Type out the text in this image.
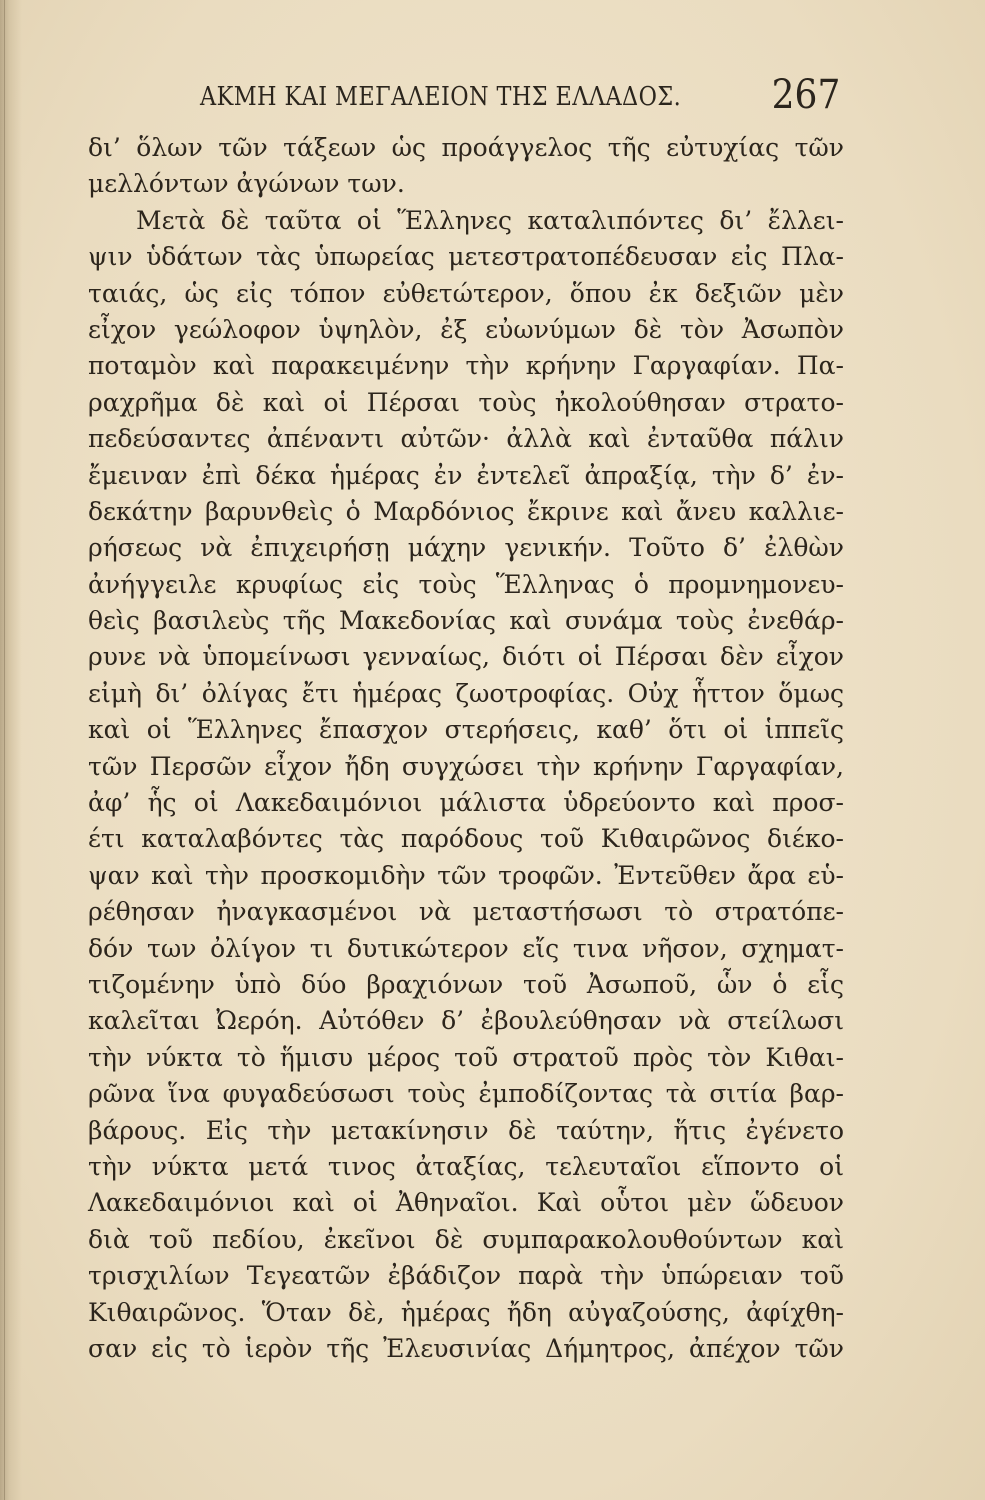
ΑΚΜΗ ΚΑΙ ΜΕΓΑΛΕΙΟΝ ΤΗΣ ΕΛΛΑΔΟΣ. 267
δι’ ὅλων τῶν τάξεων ὡς προάγγελος τῆς εὐτυχίας τῶν
μελλόντων ἀγώνων των.
Μετὰ δὲ ταῦτα οἱ Ἕλληνες καταλιπόντες δι’ ἔλλει-
ψιν ὑδάτων τὰς ὑπωρείας μετεστρατοπέδευσαν εἰς Πλα-
ταιάς, ὡς εἰς τόπον εὐθετώτερον, ὅπου ἐκ δεξιῶν μὲν
εἶχον γεώλοφον ὑψηλὸν, ἐξ εὐωνύμων δὲ τὸν Ἀσωπὸν
ποταμὸν καὶ παρακειμένην τὴν κρήνην Γαργαφίαν. Πα-
ραχρῆμα δὲ καὶ οἱ Πέρσαι τοὺς ἠκολούθησαν στρατο-
πεδεύσαντες ἀπέναντι αὐτῶν· ἀλλὰ καὶ ἐνταῦθα πάλιν
ἔμειναν ἐπὶ δέκα ἡμέρας ἐν ἐντελεῖ ἀπραξίᾳ, τὴν δ’ ἐν-
δεκάτην βαρυνθεὶς ὁ Μαρδόνιος ἔκρινε καὶ ἄνευ καλλιε-
ρήσεως νὰ ἐπιχειρήσῃ μάχην γενικήν. Τοῦτο δ’ ἐλθὼν
ἀνήγγειλε κρυφίως εἰς τοὺς Ἕλληνας ὁ προμνημονευ-
θεὶς βασιλεὺς τῆς Μακεδονίας καὶ συνάμα τοὺς ἐνεθάρ-
ρυνε νὰ ὑπομείνωσι γενναίως, διότι οἱ Πέρσαι δὲν εἶχον
εἰμὴ δι’ ὀλίγας ἔτι ἡμέρας ζωοτροφίας. Οὐχ ἧττον ὅμως
καὶ οἱ Ἕλληνες ἔπασχον στερήσεις, καθ’ ὅτι οἱ ἱππεῖς
τῶν Περσῶν εἶχον ἤδη συγχώσει τὴν κρήνην Γαργαφίαν,
ἀφ’ ἧς οἱ Λακεδαιμόνιοι μάλιστα ὑδρεύοντο καὶ προσ-
έτι καταλαβόντες τὰς παρόδους τοῦ Κιθαιρῶνος διέκο-
ψαν καὶ τὴν προσκομιδὴν τῶν τροφῶν. Ἐντεῦθεν ἄρα εὑ-
ρέθησαν ἠναγκασμένοι νὰ μεταστήσωσι τὸ στρατόπε-
δόν των ὀλίγον τι δυτικώτερον εἴς τινα νῆσον, σχηματ-
τιζομένην ὑπὸ δύο βραχιόνων τοῦ Ἀσωποῦ, ὧν ὁ εἷς
καλεῖται Ὠερόη. Αὐτόθεν δ’ ἐβουλεύθησαν νὰ στείλωσι
τὴν νύκτα τὸ ἥμισυ μέρος τοῦ στρατοῦ πρὸς τὸν Κιθαι-
ρῶνα ἵνα φυγαδεύσωσι τοὺς ἐμποδίζοντας τὰ σιτία βαρ-
βάρους. Εἰς τὴν μετακίνησιν δὲ ταύτην, ἥτις ἐγένετο
τὴν νύκτα μετά τινος ἀταξίας, τελευταῖοι εἵποντο οἱ
Λακεδαιμόνιοι καὶ οἱ Ἀθηναῖοι. Καὶ οὗτοι μὲν ὥδευον
διὰ τοῦ πεδίου, ἐκεῖνοι δὲ συμπαρακολουθούντων καὶ
τρισχιλίων Τεγεατῶν ἐβάδιζον παρὰ τὴν ὑπώρειαν τοῦ
Κιθαιρῶνος. Ὅταν δὲ, ἡμέρας ἤδη αὐγαζούσης, ἀφίχθη-
σαν εἰς τὸ ἱερὸν τῆς Ἐλευσινίας Δήμητρος, ἀπέχον τῶν
